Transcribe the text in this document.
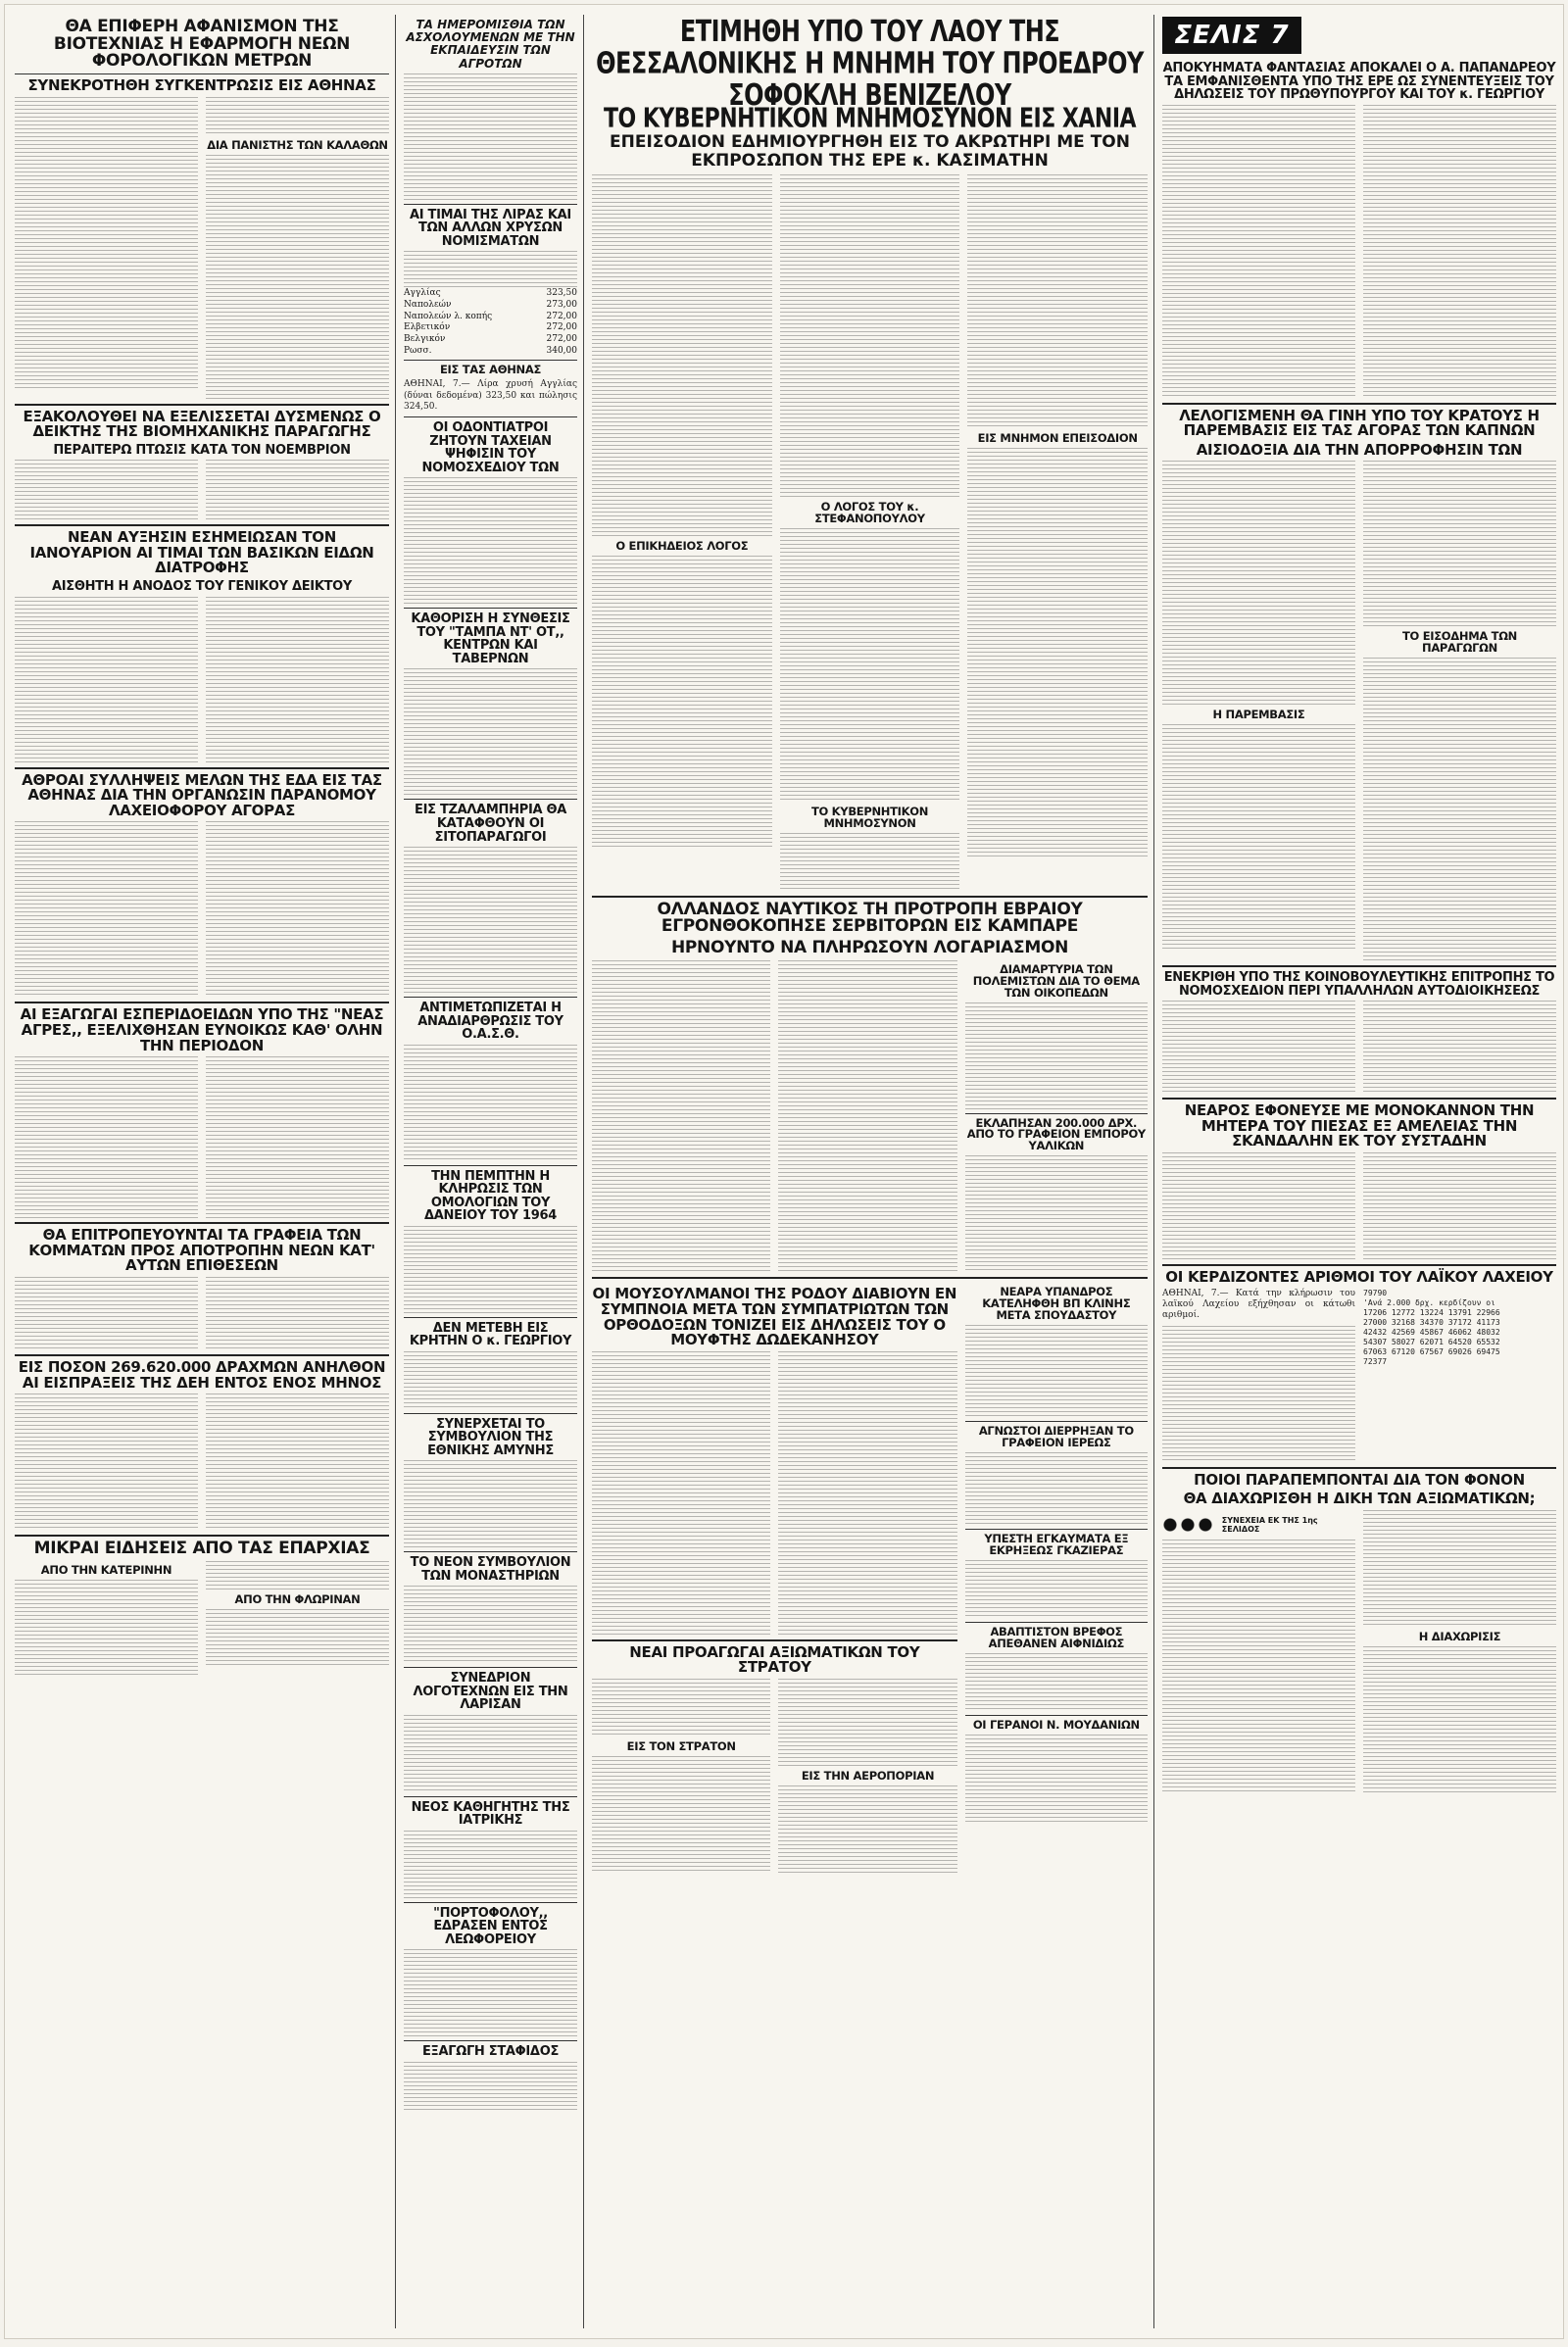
ΘΑ ΕΠΙΦΕΡΗ ΑΦΑΝΙΣΜΟΝ ΤΗΣ ΒΙΟΤΕΧΝΙΑΣ Η ΕΦΑΡΜΟΓΗ ΝΕΩΝ ΦΟΡΟΛΟΓΙΚΩΝ ΜΕΤΡΩΝ
ΣΥΝΕΚΡΟΤΗΘΗ ΣΥΓΚΕΝΤΡΩΣΙΣ ΕΙΣ ΑΘΗΝΑΣ
ΔΙΑ ΠΑΝΙΣΤΗΣ ΤΩΝ ΚΑΛΑΘΩΝ
ΕΞΑΚΟΛΟΥΘΕΙ ΝΑ ΕΞΕΛΙΣΣΕΤΑΙ ΔΥΣΜΕΝΩΣ Ο ΔΕΙΚΤΗΣ ΤΗΣ ΒΙΟΜΗΧΑΝΙΚΗΣ ΠΑΡΑΓΩΓΗΣ
ΠΕΡΑΙΤΕΡΩ ΠΤΩΣΙΣ ΚΑΤΑ ΤΟΝ ΝΟΕΜΒΡΙΟΝ
ΝΕΑΝ ΑΥΞΗΣΙΝ ΕΣΗΜΕΙΩΣΑΝ ΤΟΝ ΙΑΝΟΥΑΡΙΟΝ ΑΙ ΤΙΜΑΙ ΤΩΝ ΒΑΣΙΚΩΝ ΕΙΔΩΝ ΔΙΑΤΡΟΦΗΣ
ΑΙΣΘΗΤΗ Η ΑΝΟΔΟΣ ΤΟΥ ΓΕΝΙΚΟΥ ΔΕΙΚΤΟΥ
ΑΘΡΟΑΙ ΣΥΛΛΗΨΕΙΣ ΜΕΛΩΝ ΤΗΣ ΕΔΑ ΕΙΣ ΤΑΣ ΑΘΗΝΑΣ ΔΙΑ ΤΗΝ ΟΡΓΑΝΩΣΙΝ ΠΑΡΑΝΟΜΟΥ ΛΑΧΕΙΟΦΟΡΟΥ ΑΓΟΡΑΣ
ΑΙ ΕΞΑΓΩΓΑΙ ΕΣΠΕΡΙΔΟΕΙΔΩΝ ΥΠΟ ΤΗΣ "ΝΕΑΣ ΑΓΡΕΣ,, ΕΞΕΛΙΧΘΗΣΑΝ ΕΥΝΟΙΚΩΣ ΚΑΘ' ΟΛΗΝ ΤΗΝ ΠΕΡΙΟΔΟΝ
ΘΑ ΕΠΙΤΡΟΠΕΥΟΥΝΤΑΙ ΤΑ ΓΡΑΦΕΙΑ ΤΩΝ ΚΟΜΜΑΤΩΝ ΠΡΟΣ ΑΠΟΤΡΟΠΗΝ ΝΕΩΝ ΚΑΤ' ΑΥΤΩΝ ΕΠΙΘΕΣΕΩΝ
ΕΙΣ ΠΟΣΟΝ 269.620.000 ΔΡΑΧΜΩΝ ΑΝΗΛΘΟΝ ΑΙ ΕΙΣΠΡΑΞΕΙΣ ΤΗΣ ΔΕΗ ΕΝΤΟΣ ΕΝΟΣ ΜΗΝΟΣ
ΜΙΚΡΑΙ ΕΙΔΗΣΕΙΣ ΑΠΟ ΤΑΣ ΕΠΑΡΧΙΑΣ
ΑΠΟ ΤΗΝ ΚΑΤΕΡΙΝΗΝ
ΑΠΟ ΤΗΝ ΦΛΩΡΙΝΑΝ
ΤΑ ΗΜΕΡΟΜΙΣΘΙΑ ΤΩΝ ΑΣΧΟΛΟΥΜΕΝΩΝ ΜΕ ΤΗΝ ΕΚΠΑΙΔΕΥΣΙΝ ΤΩΝ ΑΓΡΟΤΩΝ
ΑΙ ΤΙΜΑΙ ΤΗΣ ΛΙΡΑΣ ΚΑΙ ΤΩΝ ΑΛΛΩΝ ΧΡΥΣΩΝ ΝΟΜΙΣΜΑΤΩΝ
Αγγλίας	323,50
Ναπολεών	273,00
Ναπολεών λ. κοπής	272,00
Ελβετικόν	272,00
Βελγικόν	272,00
Ρωσσ.	340,00
ΕΙΣ ΤΑΣ ΑΘΗΝΑΣ
ΑΘΗΝΑΙ, 7.— Λίρα χρυσή Αγγλίας (δύναι δεδομένα) 323,50 και πώλησις 324,50.
ΟΙ ΟΔΟΝΤΙΑΤΡΟΙ ΖΗΤΟΥΝ ΤΑΧΕΙΑΝ ΨΗΦΙΣΙΝ ΤΟΥ ΝΟΜΟΣΧΕΔΙΟΥ ΤΩΝ
ΚΑΘΟΡΙΣΗ Η ΣΥΝΘΕΣΙΣ ΤΟΥ "ΤΑΜΠΑ ΝΤ' ΟΤ,, ΚΕΝΤΡΩΝ ΚΑΙ ΤΑΒΕΡΝΩΝ
ΕΙΣ ΤΖΑΛΑΜΠΗΡΙΑ ΘΑ ΚΑΤΑΦΘΟΥΝ ΟΙ ΣΙΤΟΠΑΡΑΓΩΓΟΙ
ΑΝΤΙΜΕΤΩΠΙΖΕΤΑΙ Η ΑΝΑΔΙΑΡΘΡΩΣΙΣ ΤΟΥ Ο.Α.Σ.Θ.
ΤΗΝ ΠΕΜΠΤΗΝ Η ΚΛΗΡΩΣΙΣ ΤΩΝ ΟΜΟΛΟΓΙΩΝ ΤΟΥ ΔΑΝΕΙΟΥ ΤΟΥ 1964
ΔΕΝ ΜΕΤΕΒΗ ΕΙΣ ΚΡΗΤΗΝ Ο κ. ΓΕΩΡΓΙΟΥ
ΣΥΝΕΡΧΕΤΑΙ ΤΟ ΣΥΜΒΟΥΛΙΟΝ ΤΗΣ ΕΘΝΙΚΗΣ ΑΜΥΝΗΣ
ΤΟ ΝΕΟΝ ΣΥΜΒΟΥΛΙΟΝ ΤΩΝ ΜΟΝΑΣΤΗΡΙΩΝ
ΣΥΝΕΔΡΙΟΝ ΛΟΓΟΤΕΧΝΩΝ ΕΙΣ ΤΗΝ ΛΑΡΙΣΑΝ
ΝΕΟΣ ΚΑΘΗΓΗΤΗΣ ΤΗΣ ΙΑΤΡΙΚΗΣ
"ΠΟΡΤΟΦΟΛΟΥ,, ΕΔΡΑΣΕΝ ΕΝΤΟΣ ΛΕΩΦΟΡΕΙΟΥ
ΕΞΑΓΩΓΗ ΣΤΑΦΙΔΟΣ
ΕΤΙΜΗΘΗ ΥΠΟ ΤΟΥ ΛΑΟΥ ΤΗΣ ΘΕΣΣΑΛΟΝΙΚΗΣ Η ΜΝΗΜΗ ΤΟΥ ΠΡΟΕΔΡΟΥ ΣΟΦΟΚΛΗ ΒΕΝΙΖΕΛΟΥ
ΤΟ ΚΥΒΕΡΝΗΤΙΚΟΝ ΜΝΗΜΟΣΥΝΟΝ ΕΙΣ ΧΑΝΙΑ
ΕΠΕΙΣΟΔΙΟΝ ΕΔΗΜΙΟΥΡΓΗΘΗ ΕΙΣ ΤΟ ΑΚΡΩΤΗΡΙ ΜΕ ΤΟΝ ΕΚΠΡΟΣΩΠΟΝ ΤΗΣ ΕΡΕ κ. ΚΑΣΙΜΑΤΗΝ
Ο ΕΠΙΚΗΔΕΙΟΣ ΛΟΓΟΣ
Ο ΛΟΓΟΣ ΤΟΥ κ. ΣΤΕΦΑΝΟΠΟΥΛΟΥ
ΤΟ ΚΥΒΕΡΝΗΤΙΚΟΝ ΜΝΗΜΟΣΥΝΟΝ
ΕΙΣ ΜΝΗΜΟΝ ΕΠΕΙΣΟΔΙΟΝ
ΟΛΛΑΝΔΟΣ ΝΑΥΤΙΚΟΣ ΤΗ ΠΡΟΤΡΟΠΗ ΕΒΡΑΙΟΥ ΕΓΡΟΝΘΟΚΟΠΗΣΕ ΣΕΡΒΙΤΟΡΩΝ ΕΙΣ ΚΑΜΠΑΡΕ
ΗΡΝΟΥΝΤΟ ΝΑ ΠΛΗΡΩΣΟΥΝ ΛΟΓΑΡΙΑΣΜΟΝ
ΔΙΑΜΑΡΤΥΡΙΑ ΤΩΝ ΠΟΛΕΜΙΣΤΩΝ ΔΙΑ ΤΟ ΘΕΜΑ ΤΩΝ ΟΙΚΟΠΕΔΩΝ
ΕΚΛΑΠΗΣΑΝ 200.000 ΔΡΧ. ΑΠΟ ΤΟ ΓΡΑΦΕΙΟΝ ΕΜΠΟΡΟΥ ΥΑΛΙΚΩΝ
ΟΙ ΜΟΥΣΟΥΛΜΑΝΟΙ ΤΗΣ ΡΟΔΟΥ ΔΙΑΒΙΟΥΝ ΕΝ ΣΥΜΠΝΟΙΑ ΜΕΤΑ ΤΩΝ ΣΥΜΠΑΤΡΙΩΤΩΝ ΤΩΝ ΟΡΘΟΔΟΞΩΝ ΤΟΝΙΖΕΙ ΕΙΣ ΔΗΛΩΣΕΙΣ ΤΟΥ Ο ΜΟΥΦΤΗΣ ΔΩΔΕΚΑΝΗΣΟΥ
ΝΕΑΙ ΠΡΟΑΓΩΓΑΙ ΑΞΙΩΜΑΤΙΚΩΝ ΤΟΥ ΣΤΡΑΤΟΥ
ΕΙΣ ΤΟΝ ΣΤΡΑΤΟΝ
ΕΙΣ ΤΗΝ ΑΕΡΟΠΟΡΙΑΝ
ΝΕΑΡΑ ΥΠΑΝΔΡΟΣ ΚΑΤΕΛΗΦΘΗ ΒΠ ΚΛΙΝΗΣ ΜΕΤΑ ΣΠΟΥΔΑΣΤΟΥ
ΑΓΝΩΣΤΟΙ ΔΙΕΡΡΗΞΑΝ ΤΟ ΓΡΑΦΕΙΟΝ ΙΕΡΕΩΣ
ΥΠΕΣΤΗ ΕΓΚΑΥΜΑΤΑ ΕΞ ΕΚΡΗΞΕΩΣ ΓΚΑΖΙΕΡΑΣ
ΑΒΑΠΤΙΣΤΟΝ ΒΡΕΦΟΣ ΑΠΕΘΑΝΕΝ ΑΙΦΝΙΔΙΩΣ
ΟΙ ΓΕΡΑΝΟΙ Ν. ΜΟΥΔΑΝΙΩΝ
ΣΕΛΙΣ 7
ΑΠΟΚΥΗΜΑΤΑ ΦΑΝΤΑΣΙΑΣ ΑΠΟΚΑΛΕΙ Ο Α. ΠΑΠΑΝΔΡΕΟΥ ΤΑ ΕΜΦΑΝΙΣΘΕΝΤΑ ΥΠΟ ΤΗΣ ΕΡΕ ΩΣ ΣΥΝΕΝΤΕΥΞΕΙΣ ΤΟΥ ΔΗΛΩΣΕΙΣ ΤΟΥ ΠΡΩΘΥΠΟΥΡΓΟΥ ΚΑΙ ΤΟΥ κ. ΓΕΩΡΓΙΟΥ
ΛΕΛΟΓΙΣΜΕΝΗ ΘΑ ΓΙΝΗ ΥΠΟ ΤΟΥ ΚΡΑΤΟΥΣ Η ΠΑΡΕΜΒΑΣΙΣ ΕΙΣ ΤΑΣ ΑΓΟΡΑΣ ΤΩΝ ΚΑΠΝΩΝ
ΑΙΣΙΟΔΟΞΙΑ ΔΙΑ ΤΗΝ ΑΠΟΡΡΟΦΗΣΙΝ ΤΩΝ
Η ΠΑΡΕΜΒΑΣΙΣ
ΤΟ ΕΙΣΟΔΗΜΑ ΤΩΝ ΠΑΡΑΓΩΓΩΝ
ΕΝΕΚΡΙΘΗ ΥΠΟ ΤΗΣ ΚΟΙΝΟΒΟΥΛΕΥΤΙΚΗΣ ΕΠΙΤΡΟΠΗΣ ΤΟ ΝΟΜΟΣΧΕΔΙΟΝ ΠΕΡΙ ΥΠΑΛΛΗΛΩΝ ΑΥΤΟΔΙΟΙΚΗΣΕΩΣ
ΝΕΑΡΟΣ ΕΦΟΝΕΥΣΕ ΜΕ ΜΟΝΟΚΑΝΝΟΝ ΤΗΝ ΜΗΤΕΡΑ ΤΟΥ ΠΙΕΣΑΣ ΕΞ ΑΜΕΛΕΙΑΣ ΤΗΝ ΣΚΑΝΔΑΛΗΝ ΕΚ ΤΟΥ ΣΥΣΤΑΔΗΝ
ΟΙ ΚΕΡΔΙΖΟΝΤΕΣ ΑΡΙΘΜΟΙ ΤΟΥ ΛΑΪΚΟΥ ΛΑΧΕΙΟΥ
ΑΘΗΝΑΙ, 7.— Κατά την κλήρωσιν του λαϊκού Λαχείου εξήχθησαν οι κάτωθι αριθμοί.
79790
'Ανά 2.000 δρχ. κερδίζουν οι
17206 12772 13224 13791 22966
27000 32168 34370 37172 41173
42432 42569 45867 46062 48032
54307 58027 62071 64520 65532
67063 67120 67567 69026 69475
72377
ΠΟΙΟΙ ΠΑΡΑΠΕΜΠΟΝΤΑΙ ΔΙΑ ΤΟΝ ΦΟΝΟΝ
ΘΑ ΔΙΑΧΩΡΙΣΘΗ Η ΔΙΚΗ ΤΩΝ ΑΞΙΩΜΑΤΙΚΩΝ;
ΣΥΝΕΧΕΙΑ ΕΚ ΤΗΣ 1ης ΣΕΛΙΔΟΣ
Η ΔΙΑΧΩΡΙΣΙΣ
